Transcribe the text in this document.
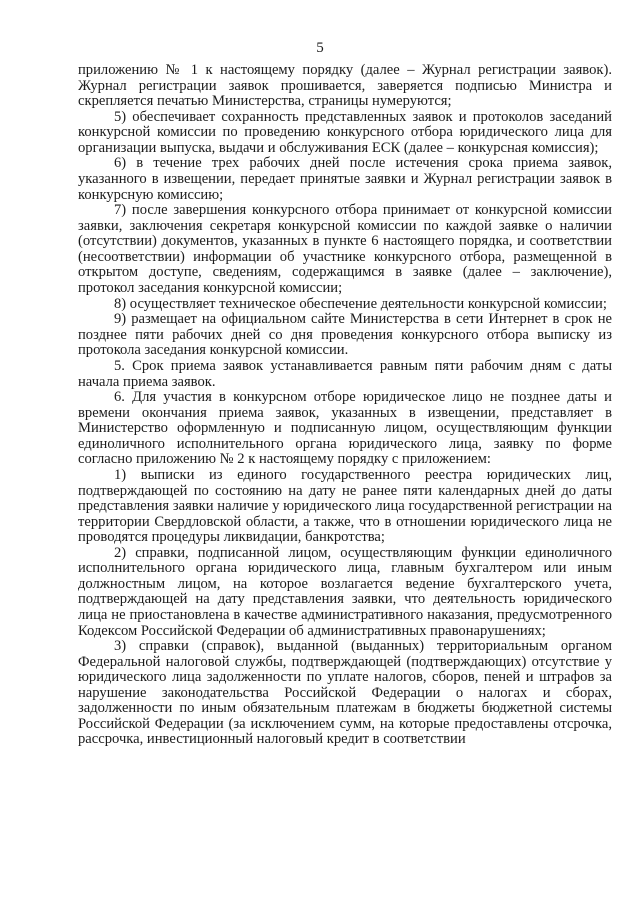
5

приложению № 1 к настоящему порядку (далее – Журнал регистрации заявок). Журнал регистрации заявок прошивается, заверяется подписью Министра и скрепляется печатью Министерства, страницы нумеруются;

5) обеспечивает сохранность представленных заявок и протоколов заседаний конкурсной комиссии по проведению конкурсного отбора юридического лица для организации выпуска, выдачи и обслуживания ЕСК (далее – конкурсная комиссия);

6) в течение трех рабочих дней после истечения срока приема заявок, указанного в извещении, передает принятые заявки и Журнал регистрации заявок в конкурсную комиссию;

7) после завершения конкурсного отбора принимает от конкурсной комиссии заявки, заключения секретаря конкурсной комиссии по каждой заявке о наличии (отсутствии) документов, указанных в пункте 6 настоящего порядка, и соответствии (несоответствии) информации об участнике конкурсного отбора, размещенной в открытом доступе, сведениям, содержащимся в заявке (далее – заключение), протокол заседания конкурсной комиссии;

8) осуществляет техническое обеспечение деятельности конкурсной комиссии;

9) размещает на официальном сайте Министерства в сети Интернет в срок не позднее пяти рабочих дней со дня проведения конкурсного отбора выписку из протокола заседания конкурсной комиссии.

5. Срок приема заявок устанавливается равным пяти рабочим дням с даты начала приема заявок.

6. Для участия в конкурсном отборе юридическое лицо не позднее даты и времени окончания приема заявок, указанных в извещении, представляет в Министерство оформленную и подписанную лицом, осуществляющим функции единоличного исполнительного органа юридического лица, заявку по форме согласно приложению № 2 к настоящему порядку с приложением:

1) выписки из единого государственного реестра юридических лиц, подтверждающей по состоянию на дату не ранее пяти календарных дней до даты представления заявки наличие у юридического лица государственной регистрации на территории Свердловской области, а также, что в отношении юридического лица не проводятся процедуры ликвидации, банкротства;

2) справки, подписанной лицом, осуществляющим функции единоличного исполнительного органа юридического лица, главным бухгалтером или иным должностным лицом, на которое возлагается ведение бухгалтерского учета, подтверждающей на дату представления заявки, что деятельность юридического лица не приостановлена в качестве административного наказания, предусмотренного Кодексом Российской Федерации об административных правонарушениях;

3) справки (справок), выданной (выданных) территориальным органом Федеральной налоговой службы, подтверждающей (подтверждающих) отсутствие у юридического лица задолженности по уплате налогов, сборов, пеней и штрафов за нарушение законодательства Российской Федерации о налогах и сборах, задолженности по иным обязательным платежам в бюджеты бюджетной системы Российской Федерации (за исключением сумм, на которые предоставлены отсрочка, рассрочка, инвестиционный налоговый кредит в соответствии
